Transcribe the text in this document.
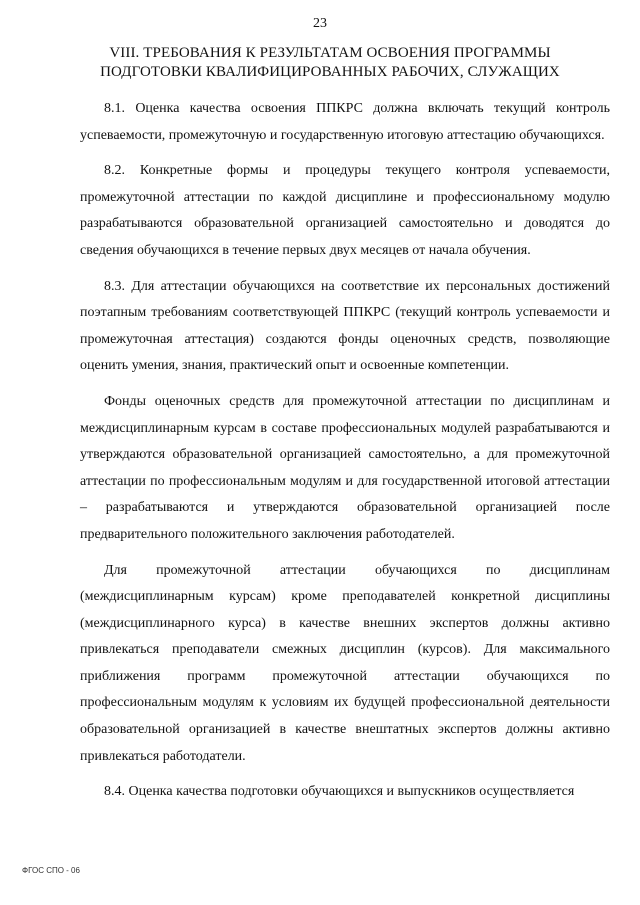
23
VIII. ТРЕБОВАНИЯ К РЕЗУЛЬТАТАМ ОСВОЕНИЯ ПРОГРАММЫ
ПОДГОТОВКИ КВАЛИФИЦИРОВАННЫХ РАБОЧИХ, СЛУЖАЩИХ

8.1. Оценка качества освоения ППКРС должна включать текущий контроль успеваемости, промежуточную и государственную итоговую аттестацию обучающихся.

8.2. Конкретные формы и процедуры текущего контроля успеваемости, промежуточной аттестации по каждой дисциплине и профессиональному модулю разрабатываются образовательной организацией самостоятельно и доводятся до сведения обучающихся в течение первых двух месяцев от начала обучения.

8.3. Для аттестации обучающихся на соответствие их персональных достижений поэтапным требованиям соответствующей ППКРС (текущий контроль успеваемости и промежуточная аттестация) создаются фонды оценочных средств, позволяющие оценить умения, знания, практический опыт и освоенные компетенции.

Фонды оценочных средств для промежуточной аттестации по дисциплинам и междисциплинарным курсам в составе профессиональных модулей разрабатываются и утверждаются образовательной организацией самостоятельно, а для промежуточной аттестации по профессиональным модулям и для государственной итоговой аттестации – разрабатываются и утверждаются образовательной организацией после предварительного положительного заключения работодателей.

Для промежуточной аттестации обучающихся по дисциплинам (междисциплинарным курсам) кроме преподавателей конкретной дисциплины (междисциплинарного курса) в качестве внешних экспертов должны активно привлекаться преподаватели смежных дисциплин (курсов). Для максимального приближения программ промежуточной аттестации обучающихся по профессиональным модулям к условиям их будущей профессиональной деятельности образовательной организацией в качестве внештатных экспертов должны активно привлекаться работодатели.

8.4. Оценка качества подготовки обучающихся и выпускников осуществляется

ФГОС СПО - 06
